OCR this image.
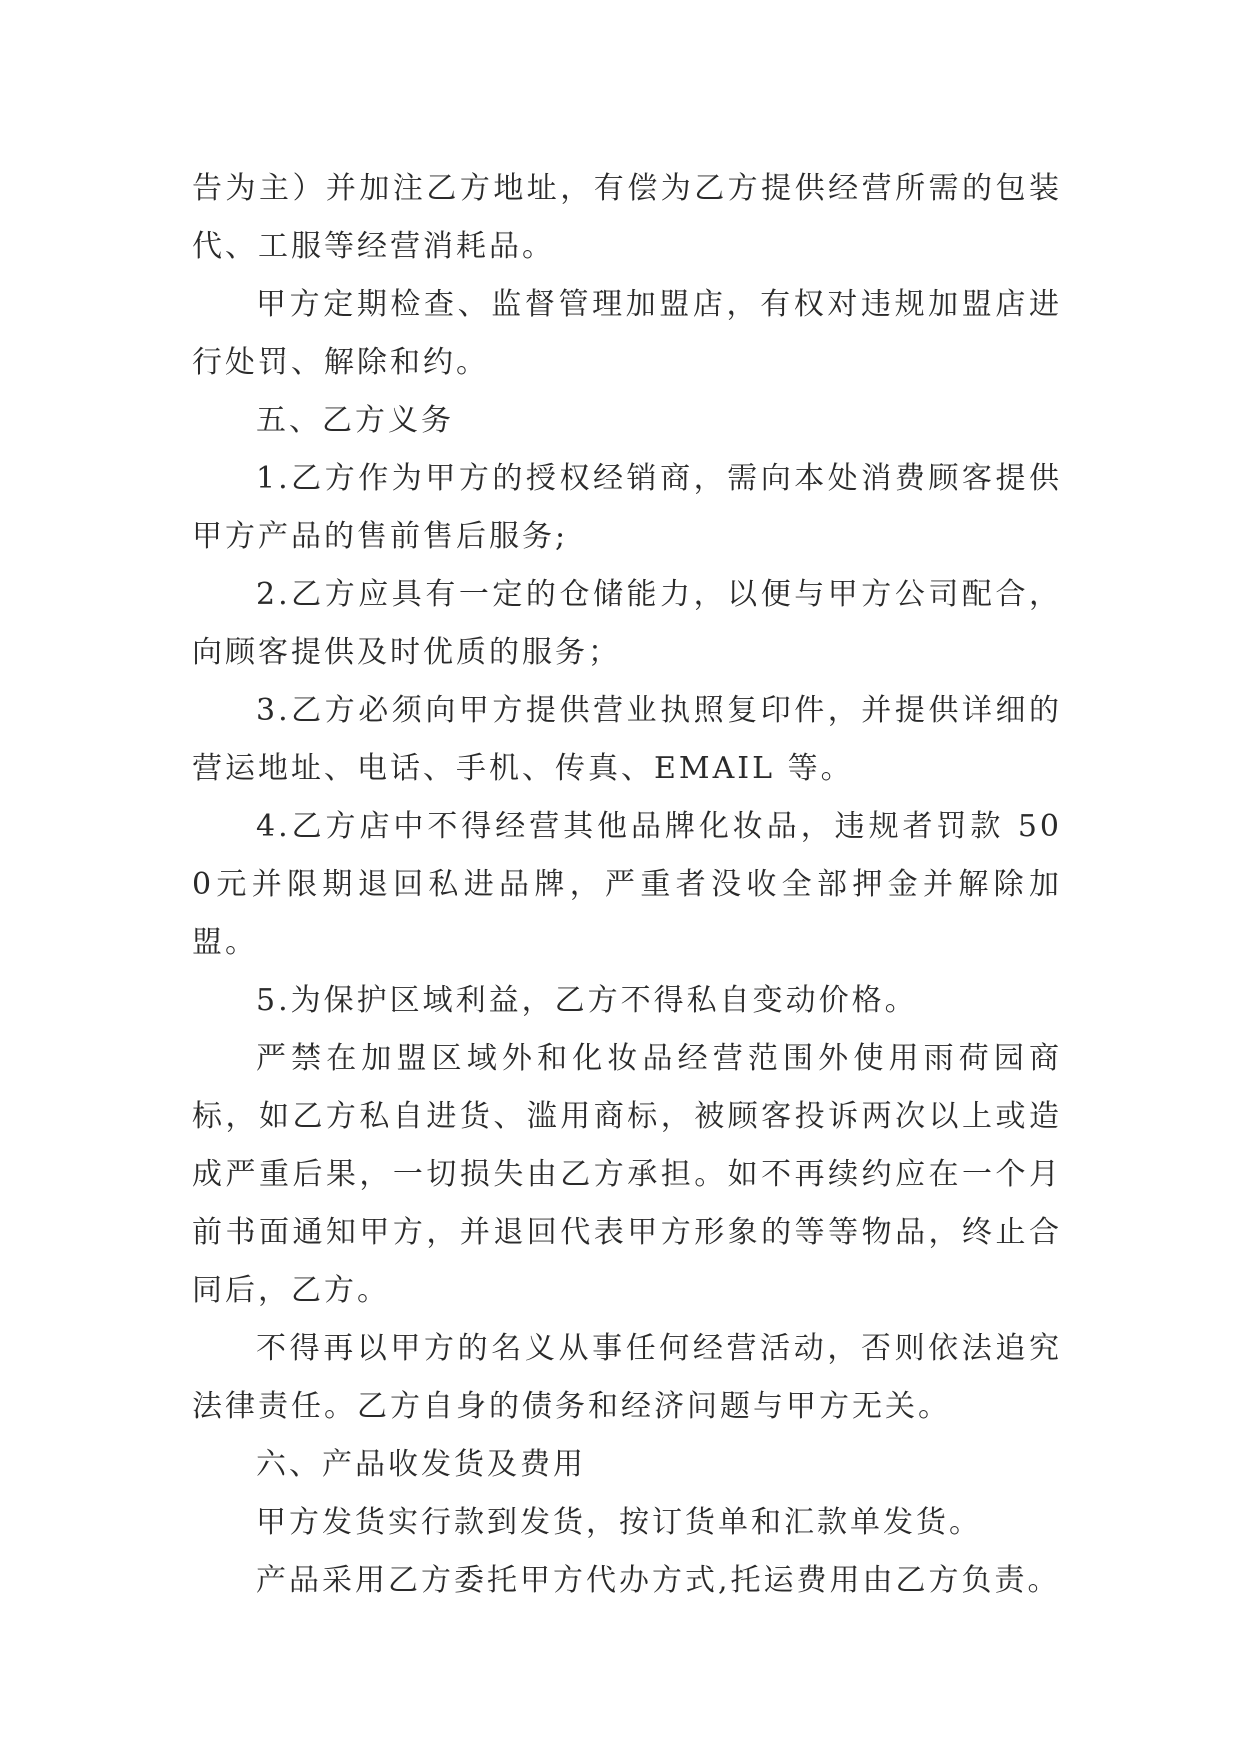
告为主）并加注乙方地址，有偿为乙方提供经营所需的包装代、工服等经营消耗品。

甲方定期检查、监督管理加盟店，有权对违规加盟店进行处罚、解除和约。

五、乙方义务

1.乙方作为甲方的授权经销商，需向本处消费顾客提供甲方产品的售前售后服务;

2.乙方应具有一定的仓储能力，以便与甲方公司配合，向顾客提供及时优质的服务；

3.乙方必须向甲方提供营业执照复印件，并提供详细的营运地址、电话、手机、传真、EMAIL 等。

4.乙方店中不得经营其他品牌化妆品，违规者罚款 500元并限期退回私进品牌，严重者没收全部押金并解除加盟。

5.为保护区域利益，乙方不得私自变动价格。

严禁在加盟区域外和化妆品经营范围外使用雨荷园商标，如乙方私自进货、滥用商标，被顾客投诉两次以上或造成严重后果，一切损失由乙方承担。如不再续约应在一个月前书面通知甲方，并退回代表甲方形象的等等物品，终止合同后，乙方。

不得再以甲方的名义从事任何经营活动，否则依法追究法律责任。乙方自身的债务和经济问题与甲方无关。

六、产品收发货及费用

甲方发货实行款到发货，按订货单和汇款单发货。

产品采用乙方委托甲方代办方式,托运费用由乙方负责。
